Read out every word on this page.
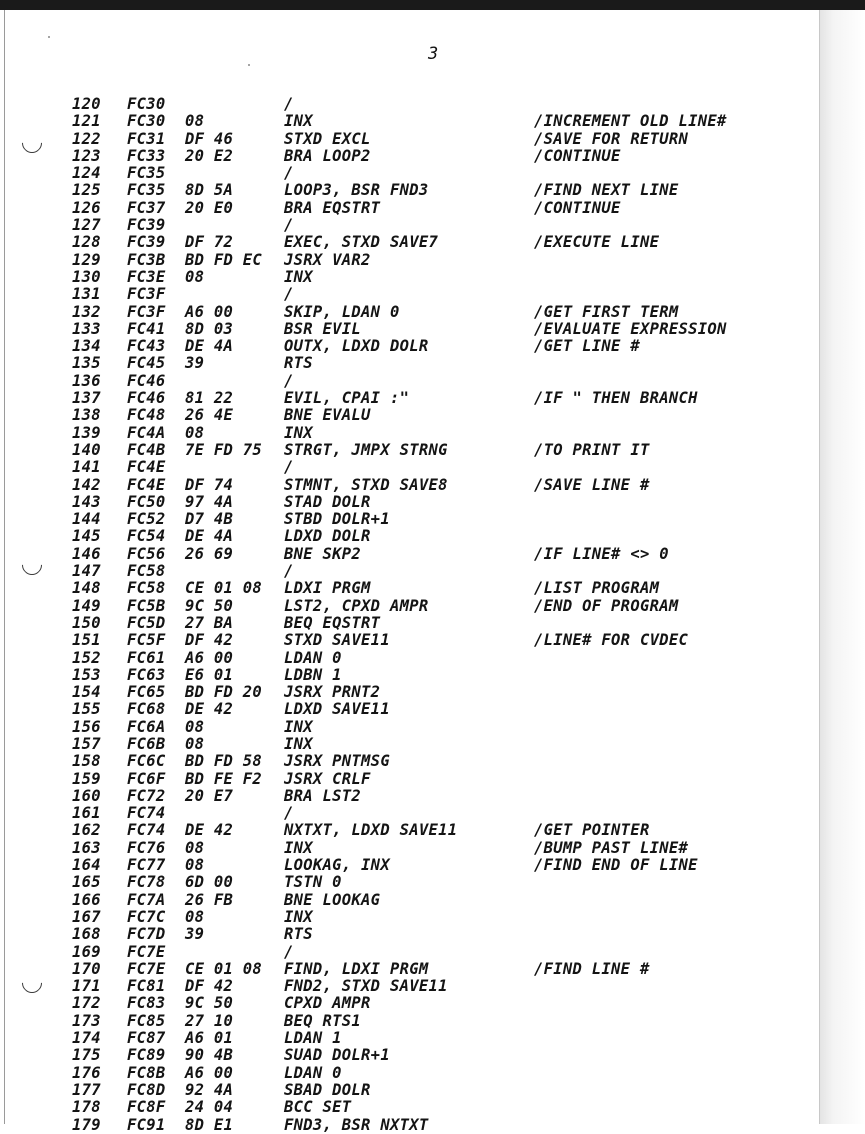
3
120 FC30	/
121 FC30 08	INX	/INCREMENT OLD LINE#
122 FC31 DF 46	STXD EXCL	/SAVE FOR RETURN
123 FC33 20 E2	BRA LOOP2	/CONTINUE
124 FC35	/
125 FC35 8D 5A	LOOP3, BSR FND3	/FIND NEXT LINE
126 FC37 20 E0	BRA EQSTRT	/CONTINUE
127 FC39	/
128 FC39 DF 72	EXEC, STXD SAVE7	/EXECUTE LINE
129 FC3B BD FD EC JSRX VAR2
130 FC3E 08	INX
131 FC3F	/
132 FC3F A6 00	SKIP, LDAN 0	/GET FIRST TERM
133 FC41 8D 03	BSR EVIL	/EVALUATE EXPRESSION
134 FC43 DE 4A	OUTX, LDXD DOLR	/GET LINE #
135 FC45 39	RTS
136 FC46	/
137 FC46 81 22	EVIL, CPAI :"	/IF " THEN BRANCH
138 FC48 26 4E	BNE EVALU
139 FC4A 08	INX
140 FC4B 7E FD 75 STRGT, JMPX STRNG	/TO PRINT IT
141 FC4E	/
142 FC4E DF 74	STMNT, STXD SAVE8	/SAVE LINE #
143 FC50 97 4A	STAD DOLR
144 FC52 D7 4B	STBD DOLR+1
145 FC54 DE 4A	LDXD DOLR
146 FC56 26 69	BNE SKP2	/IF LINE# <> 0
147 FC58	/
148 FC58 CE 01 08 LDXI PRGM	/LIST PROGRAM
149 FC5B 9C 50	LST2, CPXD AMPR	/END OF PROGRAM
150 FC5D 27 BA	BEQ EQSTRT
151 FC5F DF 42	STXD SAVE11	/LINE# FOR CVDEC
152 FC61 A6 00	LDAN 0
153 FC63 E6 01	LDBN 1
154 FC65 BD FD 20 JSRX PRNT2
155 FC68 DE 42	LDXD SAVE11
156 FC6A 08	INX
157 FC6B 08	INX
158 FC6C BD FD 58 JSRX PNTMSG
159 FC6F BD FE F2 JSRX CRLF
160 FC72 20 E7	BRA LST2
161 FC74	/
162 FC74 DE 42	NXTXT, LDXD SAVE11	/GET POINTER
163 FC76 08	INX	/BUMP PAST LINE#
164 FC77 08	LOOKAG, INX	/FIND END OF LINE
165 FC78 6D 00	TSTN 0
166 FC7A 26 FB	BNE LOOKAG
167 FC7C 08	INX
168 FC7D 39	RTS
169 FC7E	/
170 FC7E CE 01 08 FIND, LDXI PRGM	/FIND LINE #
171 FC81 DF 42	FND2, STXD SAVE11
172 FC83 9C 50	CPXD AMPR
173 FC85 27 10	BEQ RTS1
174 FC87 A6 01	LDAN 1
175 FC89 90 4B	SUAD DOLR+1
176 FC8B A6 00	LDAN 0
177 FC8D 92 4A	SBAD DOLR
178 FC8F 24 04	BCC SET
179 FC91 8D E1	FND3, BSR NXTXT
